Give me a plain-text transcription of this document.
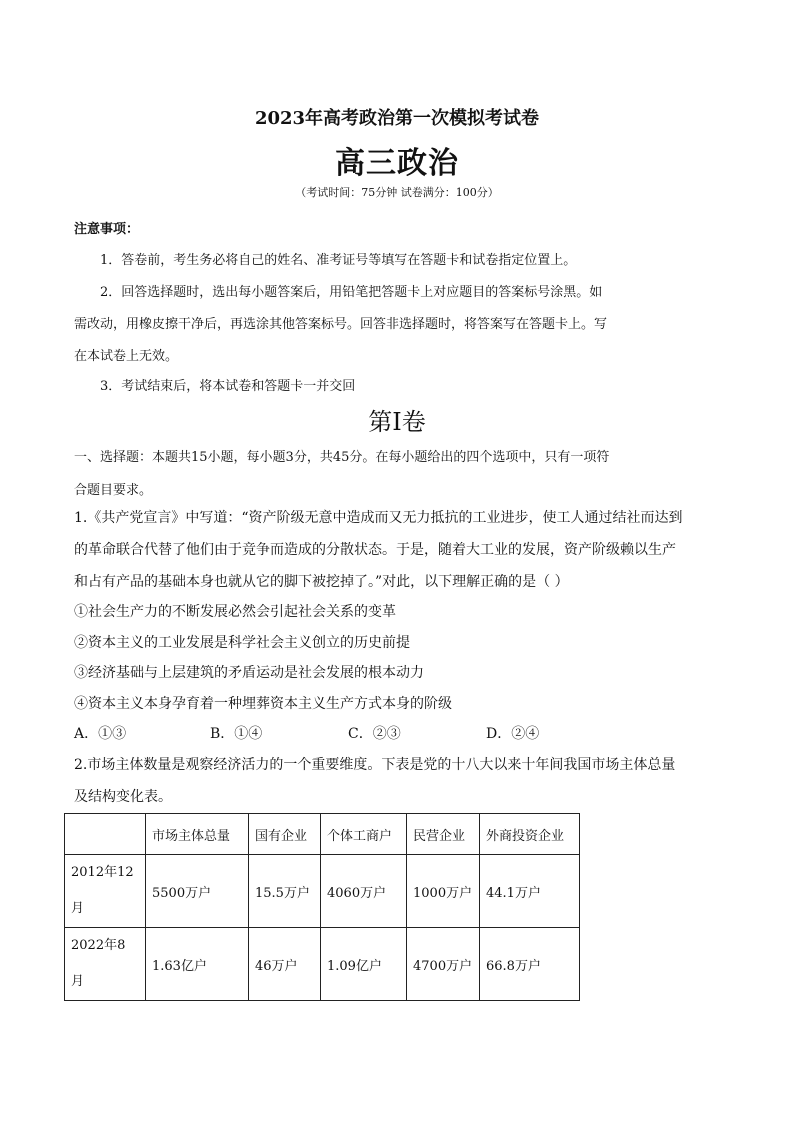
2023年高考政治第一次模拟考试卷
高三政治
（考试时间：75分钟 试卷满分：100分）
注意事项：
1．答卷前，考生务必将自己的姓名、准考证号等填写在答题卡和试卷指定位置上。
2．回答选择题时，选出每小题答案后，用铅笔把答题卡上对应题目的答案标号涂黑。如
需改动，用橡皮擦干净后，再选涂其他答案标号。回答非选择题时，将答案写在答题卡上。写
在本试卷上无效。
3．考试结束后，将本试卷和答题卡一并交回
第Ⅰ卷
一、选择题：本题共15小题，每小题3分，共45分。在每小题给出的四个选项中，只有一项符
合题目要求。
1.《共产党宣言》中写道：“资产阶级无意中造成而又无力抵抗的工业进步，使工人通过结社而达到
的革命联合代替了他们由于竞争而造成的分散状态。于是，随着大工业的发展，资产阶级赖以生产
和占有产品的基础本身也就从它的脚下被挖掉了。”对此，以下理解正确的是（ ）
①社会生产力的不断发展必然会引起社会关系的变革
②资本主义的工业发展是科学社会主义创立的历史前提
③经济基础与上层建筑的矛盾运动是社会发展的根本动力
④资本主义本身孕育着一种埋葬资本主义生产方式本身的阶级
A．①③	B．①④	C．②③	D．②④
2.市场主体数量是观察经济活力的一个重要维度。下表是党的十八大以来十年间我国市场主体总量
及结构变化表。
	市场主体总量	国有企业	个体工商户	民营企业	外商投资企业

2012年12
月	5500万户	15.5万户	4060万户	1000万户	44.1万户

2022年8
月	1.63亿户	46万户	1.09亿户	4700万户	66.8万户
